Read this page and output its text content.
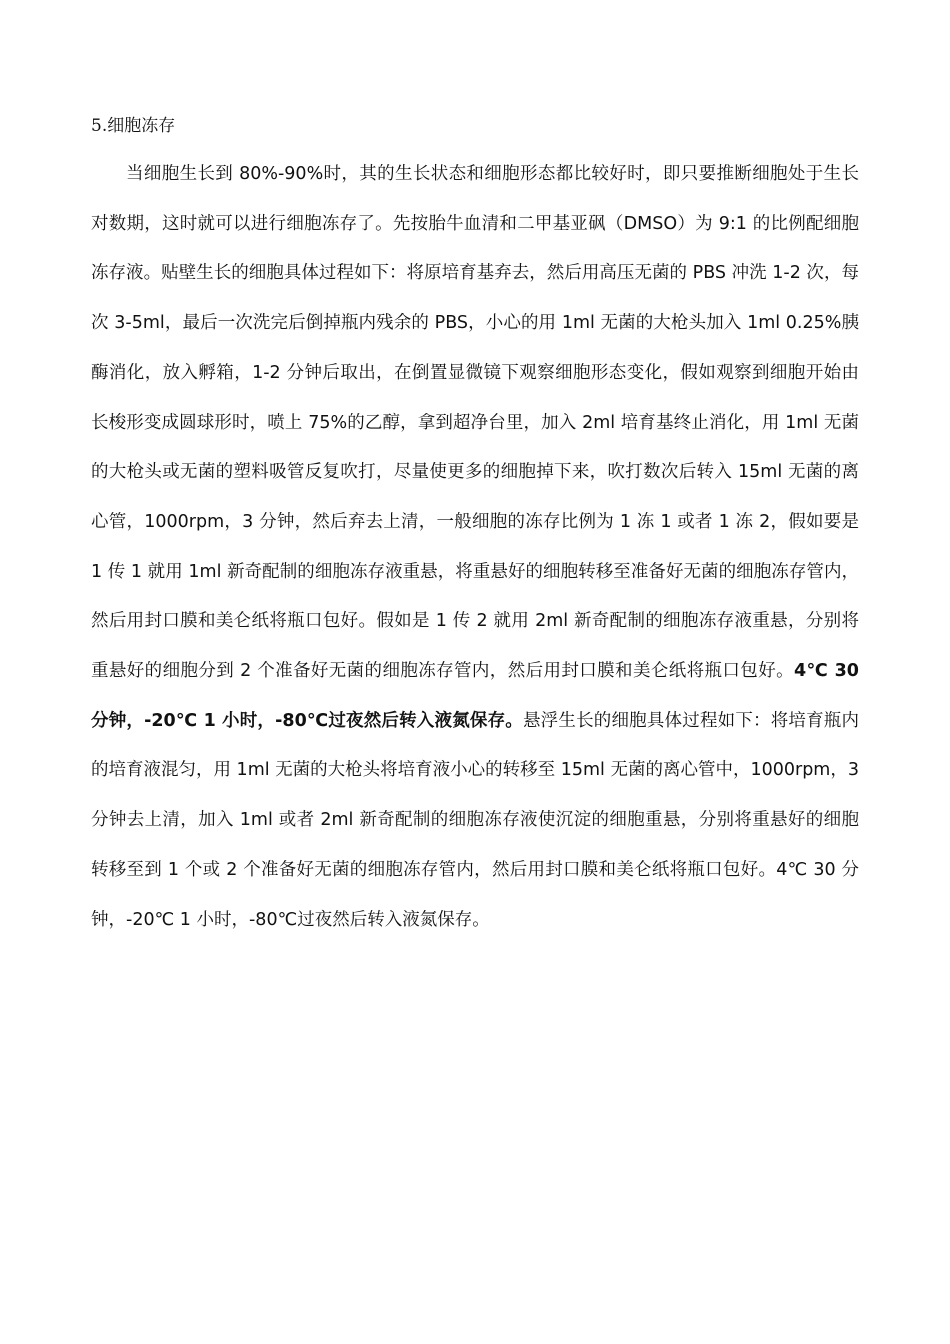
5.细胞冻存

当细胞生长到 80%-90%时，其的生长状态和细胞形态都比较好时，即只要推断细胞处于生长对数期，这时就可以进行细胞冻存了。先按胎牛血清和二甲基亚砜（DMSO）为 9:1 的比例配细胞冻存液。贴壁生长的细胞具体过程如下：将原培育基弃去，然后用高压无菌的 PBS 冲洗 1-2 次，每次 3-5ml，最后一次洗完后倒掉瓶内残余的 PBS，小心的用 1ml 无菌的大枪头加入 1ml 0.25%胰酶消化，放入孵箱，1-2 分钟后取出，在倒置显微镜下观察细胞形态变化，假如观察到细胞开始由长梭形变成圆球形时，喷上 75%的乙醇，拿到超净台里，加入 2ml 培育基终止消化，用 1ml 无菌的大枪头或无菌的塑料吸管反复吹打，尽量使更多的细胞掉下来，吹打数次后转入 15ml 无菌的离心管，1000rpm，3 分钟，然后弃去上清，一般细胞的冻存比例为 1 冻 1 或者 1 冻 2，假如要是 1 传 1 就用 1ml 新奇配制的细胞冻存液重悬，将重悬好的细胞转移至准备好无菌的细胞冻存管内，然后用封口膜和美仑纸将瓶口包好。假如是 1 传 2 就用 2ml 新奇配制的细胞冻存液重悬，分别将重悬好的细胞分到 2 个准备好无菌的细胞冻存管内，然后用封口膜和美仑纸将瓶口包好。4℃ 30 分钟，-20℃ 1 小时，-80℃过夜然后转入液氮保存。悬浮生长的细胞具体过程如下：将培育瓶内的培育液混匀，用 1ml 无菌的大枪头将培育液小心的转移至 15ml 无菌的离心管中，1000rpm，3 分钟去上清，加入 1ml 或者 2ml 新奇配制的细胞冻存液使沉淀的细胞重悬，分别将重悬好的细胞转移至到 1 个或 2 个准备好无菌的细胞冻存管内，然后用封口膜和美仑纸将瓶口包好。4℃ 30 分钟，-20℃ 1 小时，-80℃过夜然后转入液氮保存。
